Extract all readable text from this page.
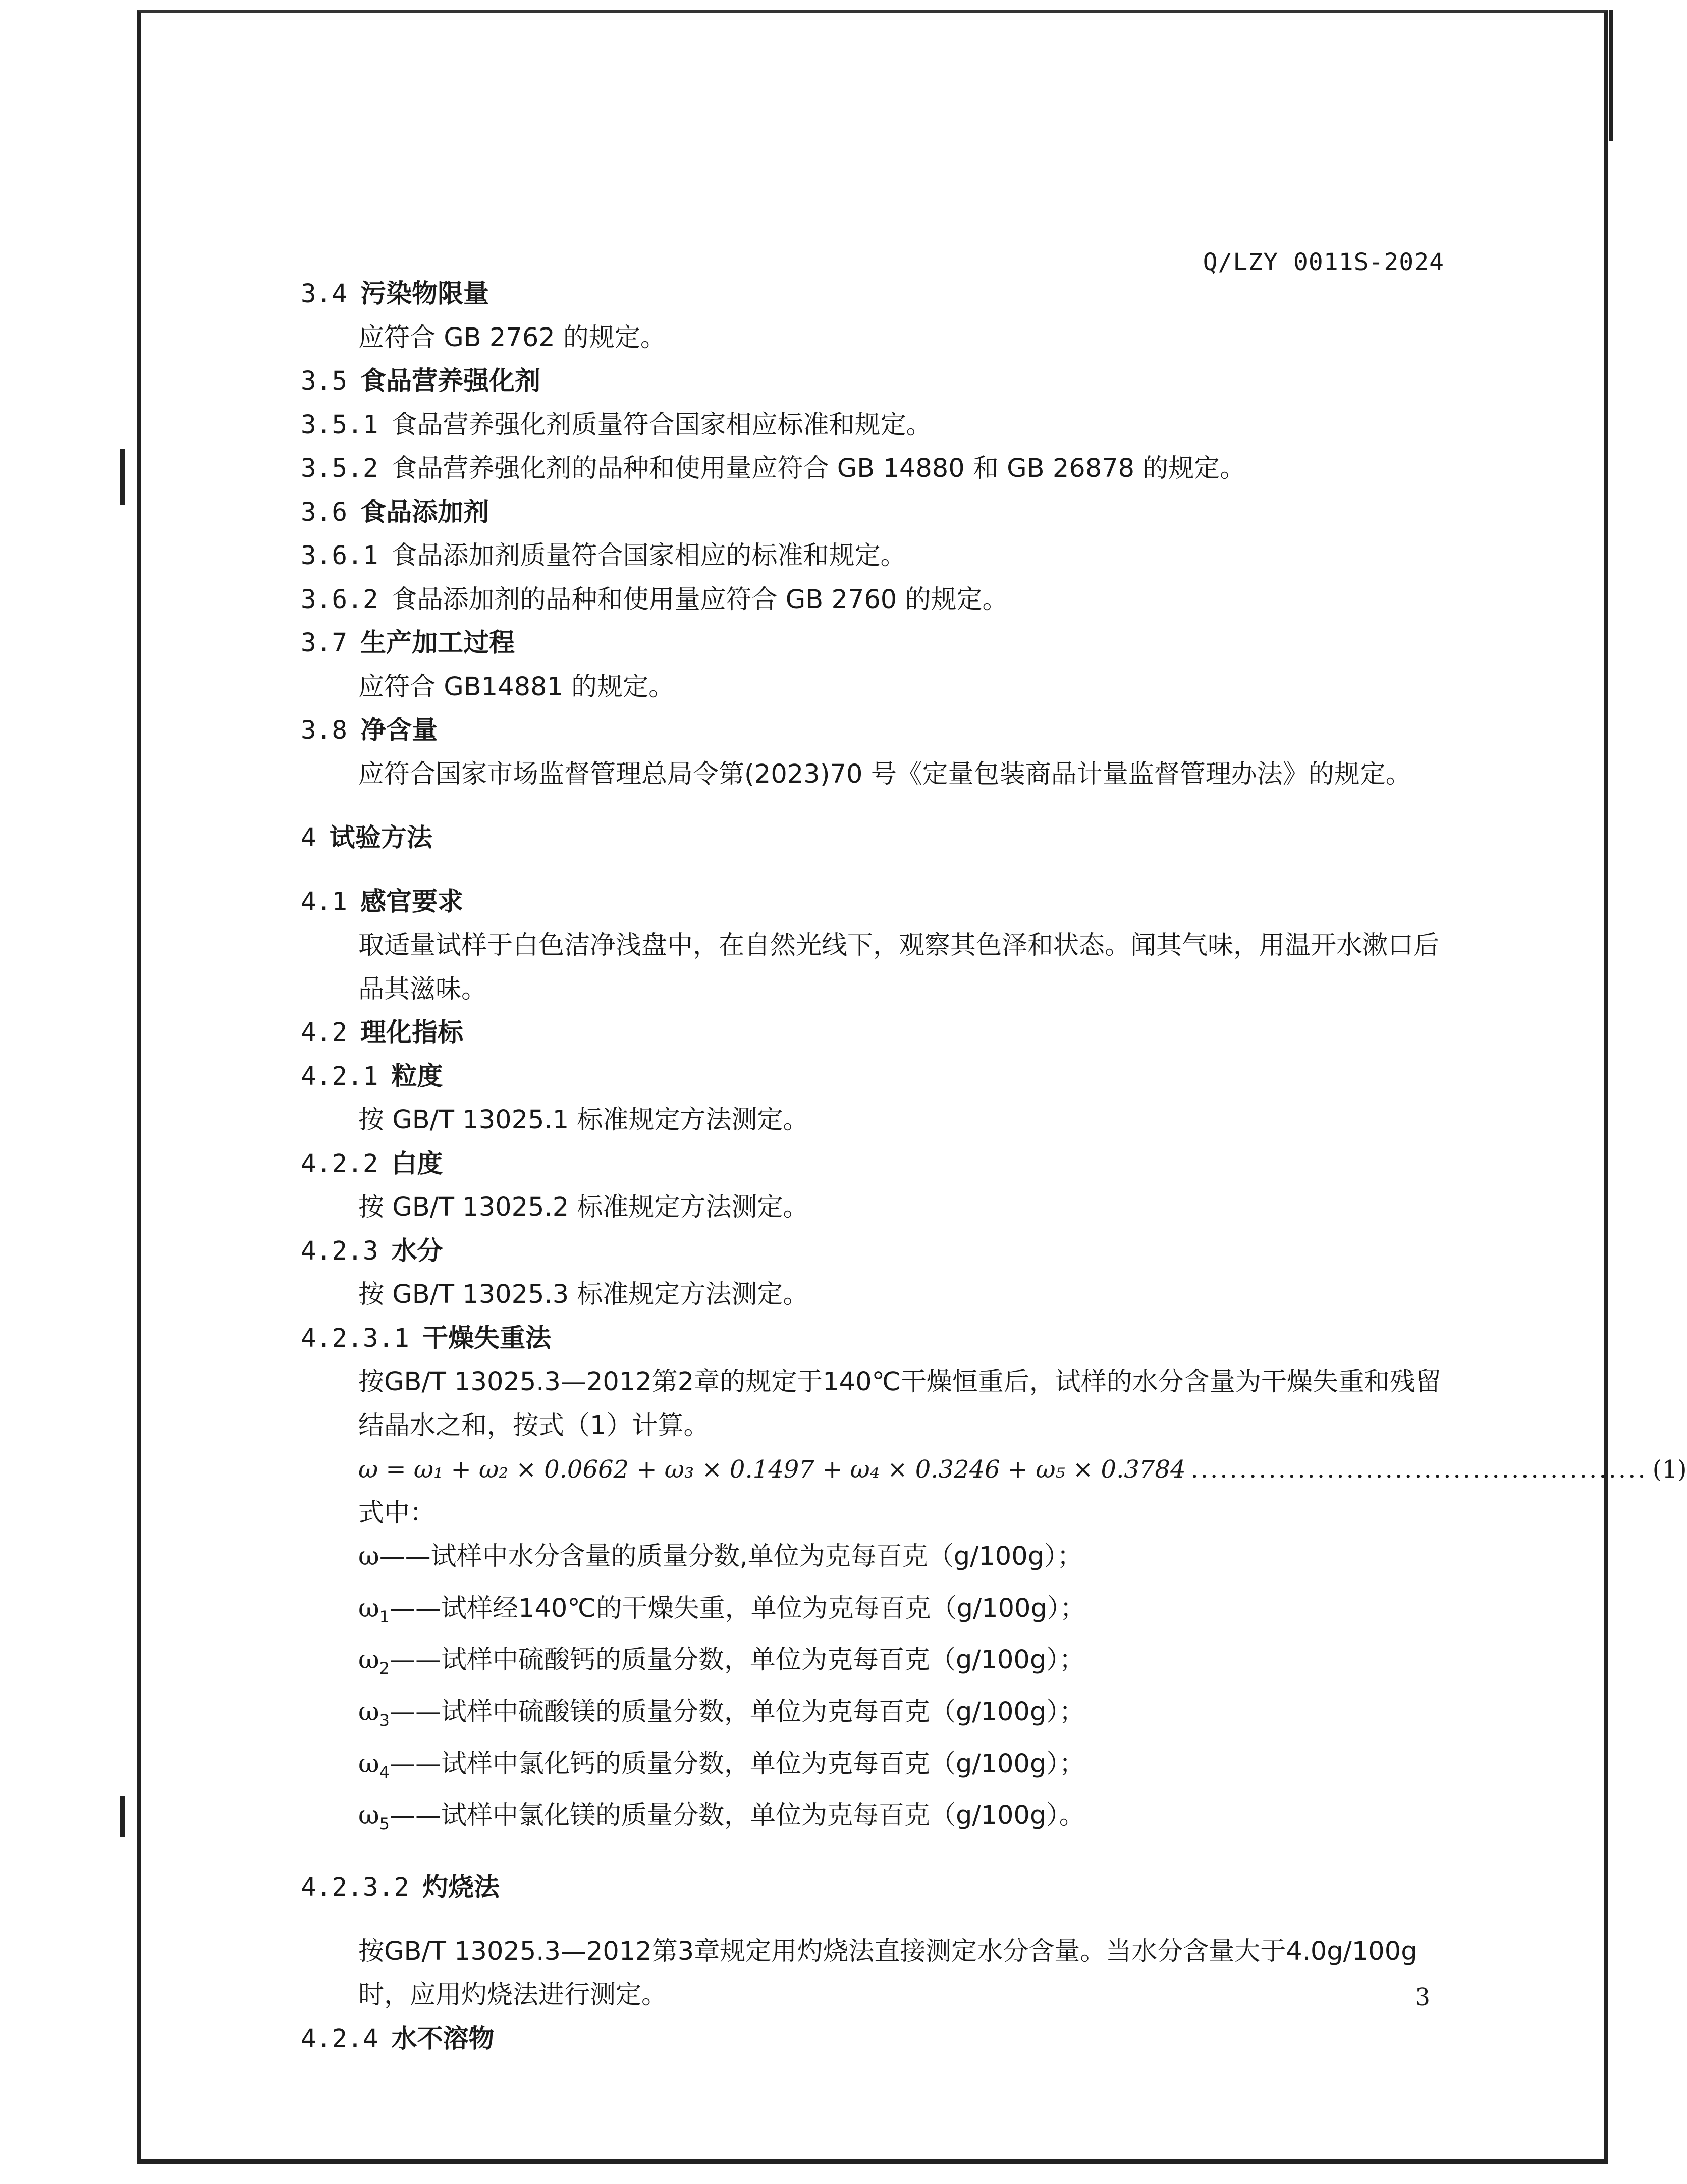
Q/LZY 0011S-2024
3.4 污染物限量
应符合 GB 2762 的规定。
3.5 食品营养强化剂
3.5.1 食品营养强化剂质量符合国家相应标准和规定。
3.5.2 食品营养强化剂的品种和使用量应符合 GB 14880 和 GB 26878 的规定。
3.6 食品添加剂
3.6.1 食品添加剂质量符合国家相应的标准和规定。
3.6.2 食品添加剂的品种和使用量应符合 GB 2760 的规定。
3.7 生产加工过程
应符合 GB14881 的规定。
3.8 净含量
应符合国家市场监督管理总局令第(2023)70 号《定量包装商品计量监督管理办法》的规定。
4 试验方法
4.1 感官要求
取适量试样于白色洁净浅盘中，在自然光线下，观察其色泽和状态。闻其气味，用温开水漱口后品其滋味。
4.2 理化指标
4.2.1 粒度
按 GB/T 13025.1 标准规定方法测定。
4.2.2 白度
按 GB/T 13025.2 标准规定方法测定。
4.2.3 水分
按 GB/T 13025.3 标准规定方法测定。
4.2.3.1 干燥失重法
按GB/T 13025.3—2012第2章的规定于140℃干燥恒重后，试样的水分含量为干燥失重和残留结晶水之和，按式（1）计算。
ω = ω₁ + ω₂ × 0.0662 + ω₃ × 0.1497 + ω₄ × 0.3246 + ω₅ × 0.3784 ............................................... (1)
式中：
ω——试样中水分含量的质量分数,单位为克每百克（g/100g）；
$\omega_1——$试样经140℃的干燥失重，单位为克每百克（g/100g）；
$\omega_2——$试样中硫酸钙的质量分数，单位为克每百克（g/100g）；
$\omega_3——$试样中硫酸镁的质量分数，单位为克每百克（g/100g）；
$\omega_4——$试样中氯化钙的质量分数，单位为克每百克（g/100g）；
$\omega_5——$试样中氯化镁的质量分数，单位为克每百克（g/100g）。
4.2.3.2 灼烧法
按GB/T 13025.3—2012第3章规定用灼烧法直接测定水分含量。当水分含量大于4.0g/100g时，应用灼烧法进行测定。
4.2.4 水不溶物
3
